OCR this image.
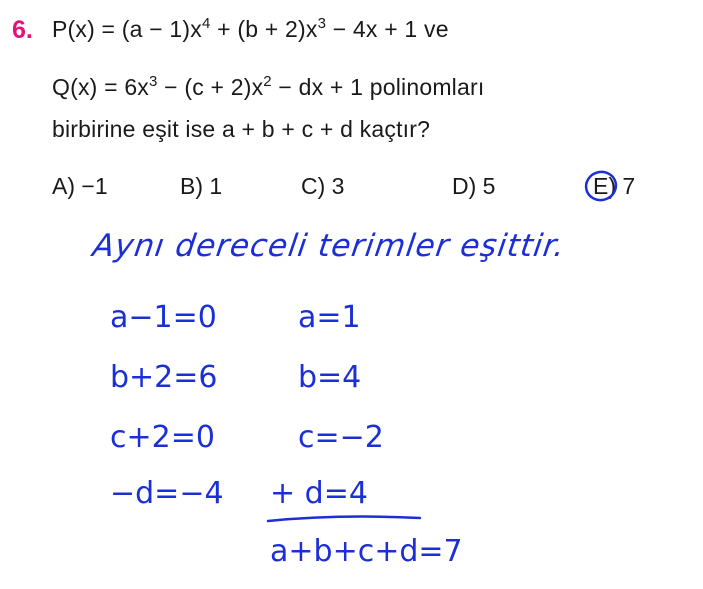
6. $P(x) = (a - 1)x^4 + (b + 2)x^3 - 4x + 1$ ve
$Q(x) = 6x^3 - (c + 2)x^2$ − dx + 1 polinomları
birbirine eşit ise a + b + c + d kaçtır?
A) −1	B) 1	C) 3	D) 5	E) 7
Aynı dereceli terimler eşittir.
a−1=0	a=1
b+2=6	b=4
c+2=0	c=−2
−d=−4 + d=4
a+b+c+d=7
